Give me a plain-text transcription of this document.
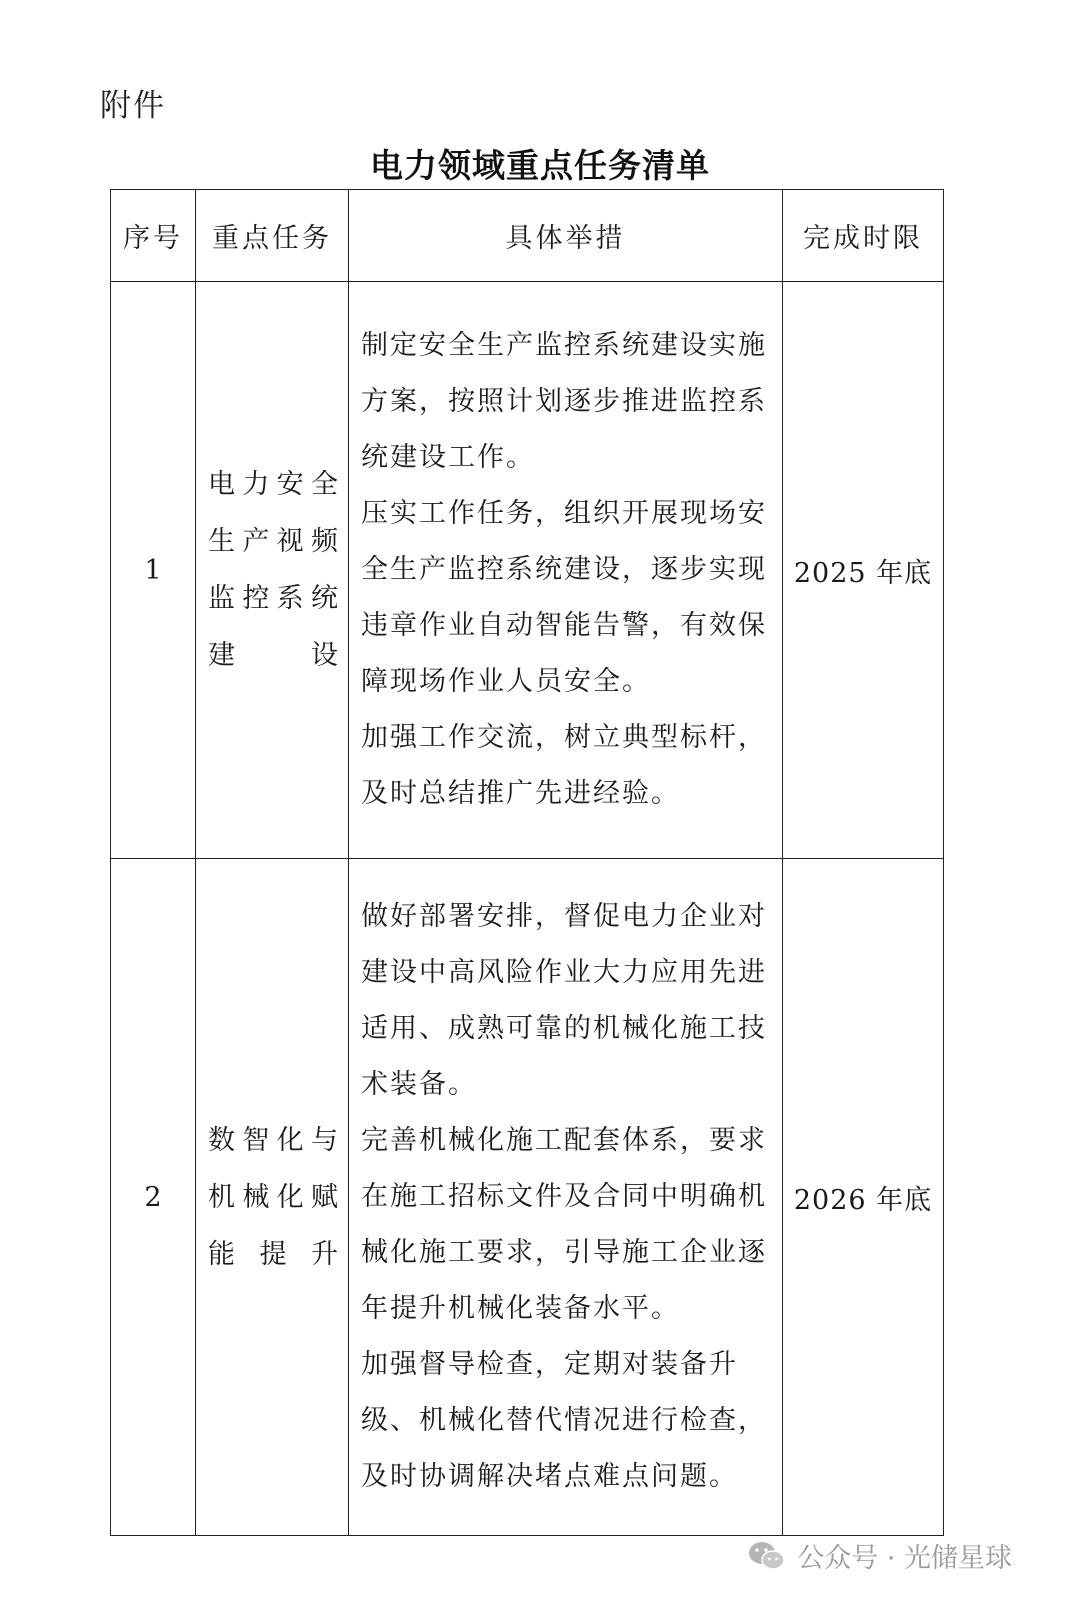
附件
电力领域重点任务清单
序号	重点任务	具体举措	完成时限
1	电力安全生产视频监控系统建设	制定安全生产监控系统建设实施方案，按照计划逐步推进监控系统建设工作。

压实工作任务，组织开展现场安全生产监控系统建设，逐步实现违章作业自动智能告警，有效保障现场作业人员安全。

加强工作交流，树立典型标杆，及时总结推广先进经验。	2025 年底
2	数智化与机械化赋能提升	做好部署安排，督促电力企业对建设中高风险作业大力应用先进适用、成熟可靠的机械化施工技术装备。

完善机械化施工配套体系，要求在施工招标文件及合同中明确机械化施工要求，引导施工企业逐年提升机械化装备水平。

加强督导检查，定期对装备升级、机械化替代情况进行检查，及时协调解决堵点难点问题。	2026 年底
公众号 · 光储星球
